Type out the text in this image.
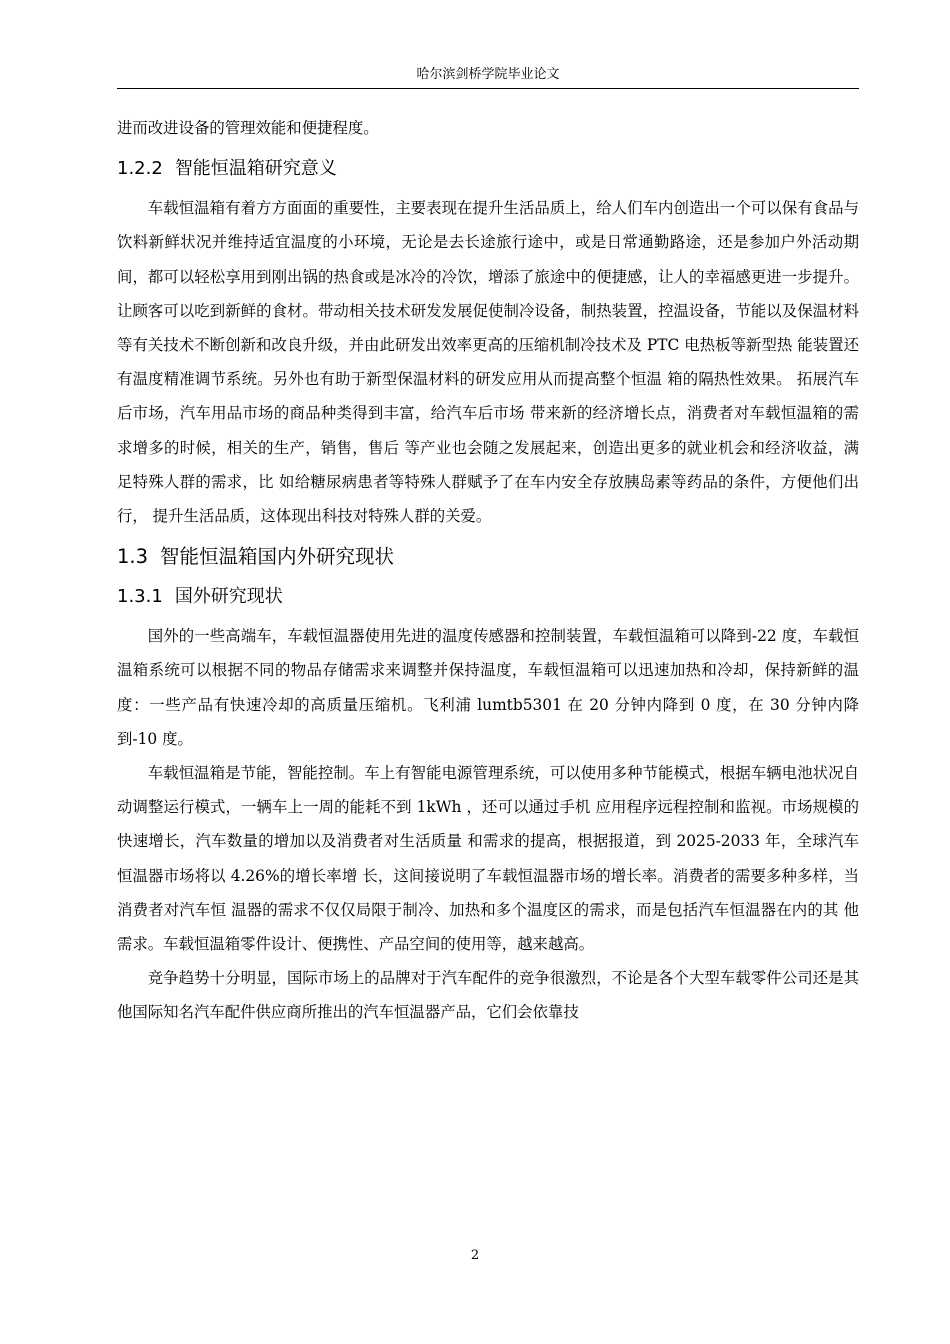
哈尔滨剑桥学院毕业论文

进而改进设备的管理效能和便捷程度。

1.2.2 智能恒温箱研究意义

车载恒温箱有着方方面面的重要性，主要表现在提升生活品质上，给人们车内创造出一个可以保有食品与饮料新鲜状况并维持适宜温度的小环境，无论是去长途旅行途中，或是日常通勤路途，还是参加户外活动期间，都可以轻松享用到刚出锅的热食或是冰冷的冷饮，增添了旅途中的便捷感，让人的幸福感更进一步提升。让顾客可以吃到新鲜的食材。带动相关技术研发发展促使制冷设备，制热装置，控温设备，节能以及保温材料等有关技术不断创新和改良升级，并由此研发出效率更高的压缩机制冷技术及 PTC 电热板等新型热 能装置还有温度精准调节系统。另外也有助于新型保温材料的研发应用从而提高整个恒温 箱的隔热性效果。 拓展汽车后市场，汽车用品市场的商品种类得到丰富，给汽车后市场 带来新的经济增长点，消费者对车载恒温箱的需求增多的时候，相关的生产，销售，售后 等产业也会随之发展起来，创造出更多的就业机会和经济收益，满足特殊人群的需求，比 如给糖尿病患者等特殊人群赋予了在车内安全存放胰岛素等药品的条件，方便他们出行， 提升生活品质，这体现出科技对特殊人群的关爱。

1.3 智能恒温箱国内外研究现状
1.3.1 国外研究现状

国外的一些高端车，车载恒温器使用先进的温度传感器和控制装置，车载恒温箱可以降到-22 度，车载恒温箱系统可以根据不同的物品存储需求来调整并保持温度，车载恒温箱可以迅速加热和冷却，保持新鲜的温度：一些产品有快速冷却的高质量压缩机。飞利浦 lumtb5301 在 20 分钟内降到 0 度，在 30 分钟内降到-10 度。

车载恒温箱是节能，智能控制。车上有智能电源管理系统，可以使用多种节能模式，根据车辆电池状况自动调整运行模式，一辆车上一周的能耗不到 1kWh ，还可以通过手机 应用程序远程控制和监视。市场规模的快速增长，汽车数量的增加以及消费者对生活质量 和需求的提高，根据报道，到 2025-2033 年，全球汽车恒温器市场将以 4.26%的增长率增 长，这间接说明了车载恒温器市场的增长率。消费者的需要多种多样，当消费者对汽车恒 温器的需求不仅仅局限于制冷、加热和多个温度区的需求，而是包括汽车恒温器在内的其 他需求。车载恒温箱零件设计、便携性、产品空间的使用等，越来越高。

竞争趋势十分明显，国际市场上的品牌对于汽车配件的竞争很激烈，不论是各个大型车载零件公司还是其他国际知名汽车配件供应商所推出的汽车恒温器产品，它们会依靠技

2
